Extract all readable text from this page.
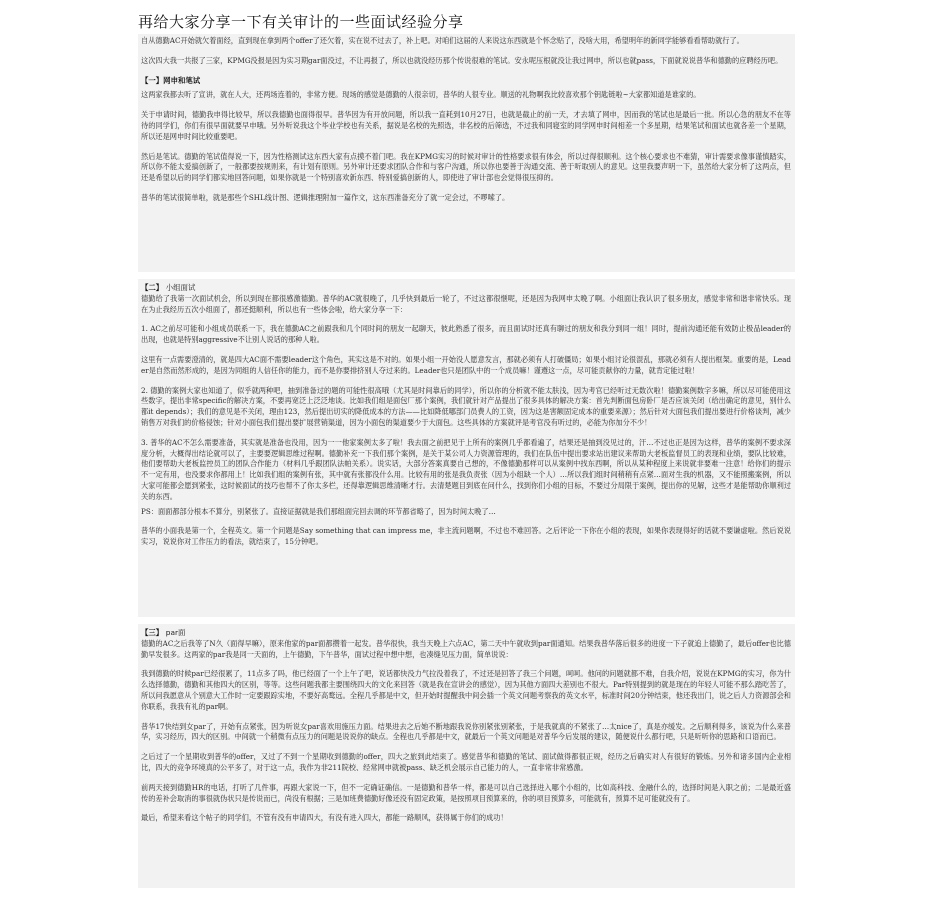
再给大家分享一下有关审计的一些面试经验分享

自从德勤AC开始就欠着面经，直到现在拿到两个offer了还欠着，实在说不过去了，补上吧。对咱们这届的人来说这东西就是个怀念贴了，没啥大用，希望明年的新同学能够看看帮助就行了。

这次四大我一共报了三家，KPMG没报是因为实习期gar面没过，不让再报了，所以也就没经历那个传说很难的笔试。安永呢压根就没让我过网申，所以也就pass，下面就说说普华和德勤的应聘经历吧。

【一】网申和笔试

这两家我都去听了宣讲，就在人大，还两场连着的，非常方便。现场的感觉是德勤的人很亲切，普华的人很专业。顺送的礼物啊我比较喜欢那个钥匙链啦~大家都知道是谁家的。

关于申请时间，德勤我申得比较早，所以我德勤也面得很早。普华因为有开放问题，所以我一直耗到10月27日，也就是截止的前一天，才去填了网申，因而我的笔试也是最后一批。所以心急的朋友不在等待的同学们，你们有很早面就要早申哦。另外听说我这个毕业学校也有关系，据说是名校的先照选，非名校的后筛选，不过我和同寝室的同学网申时间相差一个多星期，结果笔试和面试也就各差一个星期，所以还是网申时间比较重要吧。

然后是笔试。德勤的笔试值得说一下，因为性格测试这东西大家有点摸不着门吧。我在KPMG实习的时候对审计的性格要求很有体会，所以过得很顺利。这个核心要求也不难猜，审计需要求像事谨慎踏实，所以你不能太爱搞创新了，一般都要按规则来，有计划有原则。另外审计还要求团队合作和与客户沟通，所以你也要善于沟通交流、善于听取别人的意见。这里我要声明一下，虽然给大家分析了这两点，但还是希望以后的同学们都实地回答问题，如果你就是一个特别喜欢新东西、特别爱搞创新的人，即使进了审计部也会觉得很压抑的。

普华的笔试很简单啦，就是那些个SHL线计图、逻辑推理附加一篇作文，这东西准备充分了就一定会过，不啰嗦了。

【二】 小组面试

德勤给了我第一次面试机会，所以到现在都很感激德勤。普华的AC就很晚了，几乎快到最后一轮了，不过这都很惬呢，还是因为我网申太晚了啊。小组面让我认识了很多朋友，感觉非常和谐非常快乐。现在为止我经历五次小组面了，都还挺顺利，所以也有一些体会啦，给大家分享一下：

1. AC之前尽可能和小组成员联系一下，我在德勤AC之前跟我和几个同时间的朋友一起聊天，彼此熟悉了很多，而且面试时还真有聊过的朋友和我分到同一组！同时，提前沟通还能有效防止极品leader的出现，也就是特别aggressive不让别人说话的那种人啦。

这里有一点需要澄清的，就是四大AC面不需要leader这个角色，其实这是不对的。如果小组一开始没人愿意发言，那就必须有人打破僵局；如果小组讨论很混乱，那就必须有人提出框架。重要的是，Leader是自然而然形成的，是因为同组的人信任你的能力，而不是你要排挤别人夺过来的。Leader也只是团队中的一个成员嘛！谨遵这一点，尽可能贡献你的力量，就肯定能过啦！

2. 德勤的案例大家也知道了，似乎就两种吧，抽到准备过的题的可能性很高哦（尤其是时间靠后的同学），所以你的分析就不能太肤浅，因为考官已经听过无数次啦！德勤案例数字多嘛，所以尽可能使用这些数字，提出非常specific的解决方案，不要再宽泛上泛泛地谈。比如我们组是面包厂那个案例，我们就针对产品提出了很多具体的解决方案：首先判断面包房卧厂是否应该关闭（给出确定的意见，别什么都it depends）；我们的意见是不关闭，理由123，然后提出切实的降低成本的方法——比如降低哪部门员费人的工资，因为这是害额固定成本的重要来源）；然后针对大面包我们提出要进行价格谈判，减少销售万对我们的价格侵蚀；针对小面包我们提出要扩展营销渠道，因为小面包的渠道要少于大面包。这些具体的方案就评是考官没有听过的，必能为你加分不少！

3. 普华的AC不怎么需要准备，其实就是准备也没用，因为一一他家案例太多了啦！我去面之前把见于上所有的案例几乎都看遍了，结果还是抽到没见过的，汗…不过也正是因为这样，普华的案例不要求深度分析，大概得出结论就可以了，主要要逻辑思维过程啊。德勤补充一下我们那个案例，是关于某公司人力资源管理的，我们在队伍中提出要求站出建议来帮助大老板监督员工的表现和业绩，要队比较难，他们要帮助大老板监控员工的团队合作能力（材料几乎跟团队法帕关系）。说实话，大部分答案真要自己想的，不像德勤那样可以从案例中找东西啊，所以从某种程度上来说就非要难一注意！给你们的提示不一定有用，也没要求你都用上！比如我们组的案例有张，其中就有张都没什么用。比较有用的张是我负责张（因为小组缺一个人）…所以我们组时间稍稍有点紧…面对生我的机器，又不能照搬案例，所以大家可能都会愿到紧张，这时候面试的技巧也帮不了你太多栏，还得靠逻辑思维清晰才行。去清楚题目到底在问什么，找到你们小组的目标，不要过分局限于案例，提出你的见解，这些才是能帮助你顺利过关的东西。

PS：面面都部分根本不算分，别紧张了。直接证据就是我们那组面完回去调的环节都省略了，因为时间太晚了…

普华的小面我是第一个，全程英文。第一个问题是Say something that can impress me，非主流问题啊，不过也不难回答。之后评论一下你在小组的表现，如果你表现得好的话就不要谦虚啦。然后说说实习，说说你对工作压力的看法，就结束了，15分钟吧。

【三】 par面

德勤的AC之后我等了N久（面得早嘛），原来他家的par面都攒着一起发。普华很快，我当天晚上六点AC，第二天中午就收到par面通知。结果我普华落后很多的进度一下子就追上德勤了，最后offer也比德勤早发很多。这两家的par我是同一天面的，上午德勤，下午普华，面试过程中想中想，也凑缝见压力面，简单说说：

我到德勤的时候par已经很累了，11点多了吗，他已经面了一个上午了吧，说话都快没力气拉没着我了，不过还是回答了我三个问题，呵呵。他问的问题就都不难，自我介绍，说说在KPMG的实习，你为什么选择德勤，德勤和其他四大的区别，等等。这些问题我都主要围绕四大的文化来回答（就是我在宣讲会的感觉），因为其他方面四大差别也不很大。Par特别提到的就是现在的年轻人可能不那么踏吃苦了，所以问我愿意从个别意大工作时一定要跟踪实地，不要好高鹜远。全程几乎都是中文，但开始时提醒我中间会插一个英文问题考察我的英文水平，标准时间20分钟结束，他还我出门，说之后人力资源部会和你联系，我我有礼的par啊。

普华17快结到女par了，开始有点紧张，因为听说女par喜欢用施压力面。结果进去之后她不断地跟我说你别紧张别紧张，于是我就真的不紧张了…太nice了，真是亦缓发。之后顺利得多，该说为什么来普华，实习经历，四大的区别。中间就一个稍微有点压力的问题是说说你的缺点。全程也几乎都是中文，就最后一个英文问题是对普华今后发展的建议，随便说什么都行吧，只是听听你的思路和口语而已。

之后过了一个星期收到普华的offer，又过了不到一个星期收到德勤的offer，四大之旅到此结束了。感觉普华和德勤的笔试、面试做得都很正规，经历之后确实对人有很好的锻炼。另外和诸多国内企业相比，四大的竞争环境真的公平多了，对于这一点，我作为非211院校、经常网申就被pass、缺乏机会展示自己能力的人，一直非常非常感激。

前两天接到德勤HR的电话，打听了几件事，再跟大家说一下，但不一定确证确信。一是德勤和普华一样，都是可以自己选择进入哪个小组的，比如高科技、金融什么的，选择时间是入职之前；二是最近盛传的差补会取消的事很就伪状只是传说而已，尚没有根据；三是加班费德勤好像还没有固定政策，是按照项目预算来的，你的项目预算多，可能就有，预算不足可能就没有了。

最后，希望来看这个帖子的同学们，不管有没有申请四大，有没有进入四大，都能一路顺风，获得属于你们的成功！
